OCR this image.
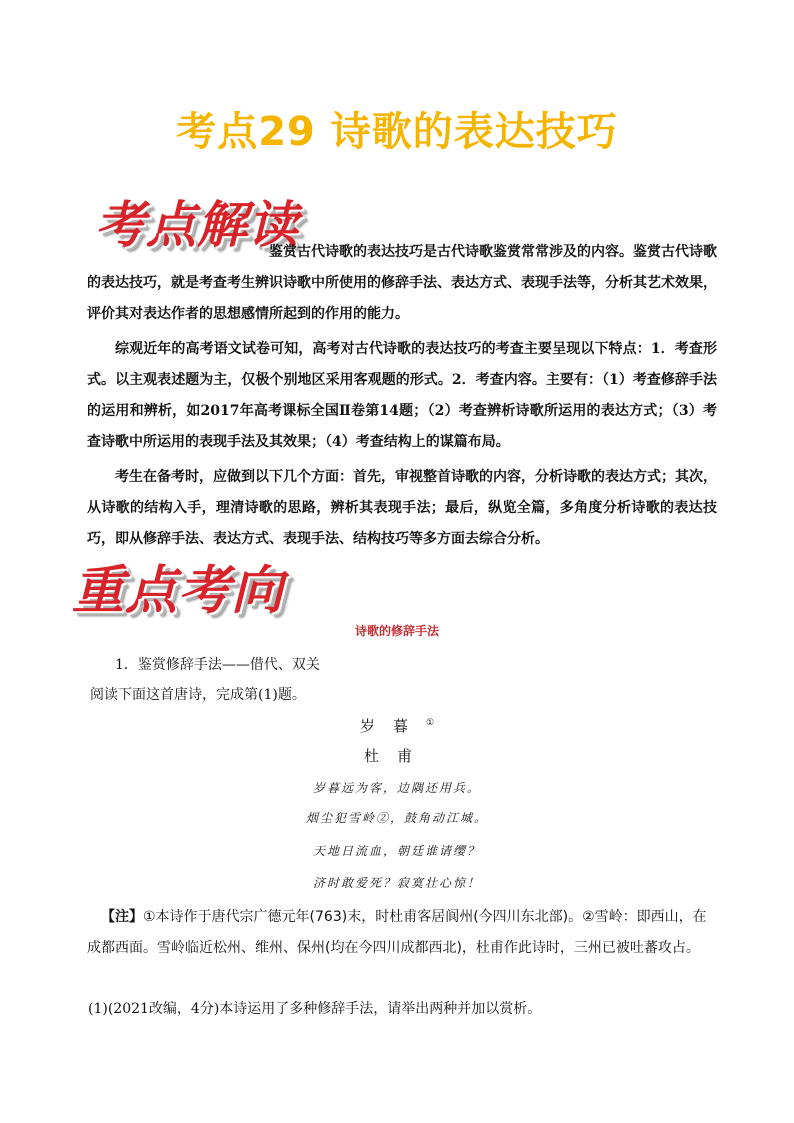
考点29 诗歌的表达技巧
考点解读

鉴赏古代诗歌的表达技巧是古代诗歌鉴赏常常涉及的内容。鉴赏古代诗歌的表达技巧，就是考查考生辨识诗歌中所使用的修辞手法、表达方式、表现手法等，分析其艺术效果，评价其对表达作者的思想感情所起到的作用的能力。

综观近年的高考语文试卷可知，高考对古代诗歌的表达技巧的考查主要呈现以下特点：1．考查形式。以主观表述题为主，仅极个别地区采用客观题的形式。2．考查内容。主要有：（1）考查修辞手法的运用和辨析，如2017年高考课标全国Ⅱ卷第14题；（2）考查辨析诗歌所运用的表达方式；（3）考查诗歌中所运用的表现手法及其效果；（4）考查结构上的谋篇布局。

考生在备考时，应做到以下几个方面：首先，审视整首诗歌的内容，分析诗歌的表达方式；其次，从诗歌的结构入手，理清诗歌的思路，辨析其表现手法；最后，纵览全篇，多角度分析诗歌的表达技巧，即从修辞手法、表达方式、表现手法、结构技巧等多方面去综合分析。

重点考向
诗歌的修辞手法

1．鉴赏修辞手法——借代、双关

阅读下面这首唐诗，完成第(1)题。

岁暮①
杜甫
岁暮远为客，边隅还用兵。
烟尘犯雪岭②，鼓角动江城。
天地日流血，朝廷谁请缨？
济时敢爱死？寂寞壮心惊！

【注】①本诗作于唐代宗广德元年(763)末，时杜甫客居阆州(今四川东北部)。②雪岭：即西山，在成都西面。雪岭临近松州、维州、保州(均在今四川成都西北)，杜甫作此诗时，三州已被吐蕃攻占。

(1)(2021改编，4分)本诗运用了多种修辞手法，请举出两种并加以赏析。
